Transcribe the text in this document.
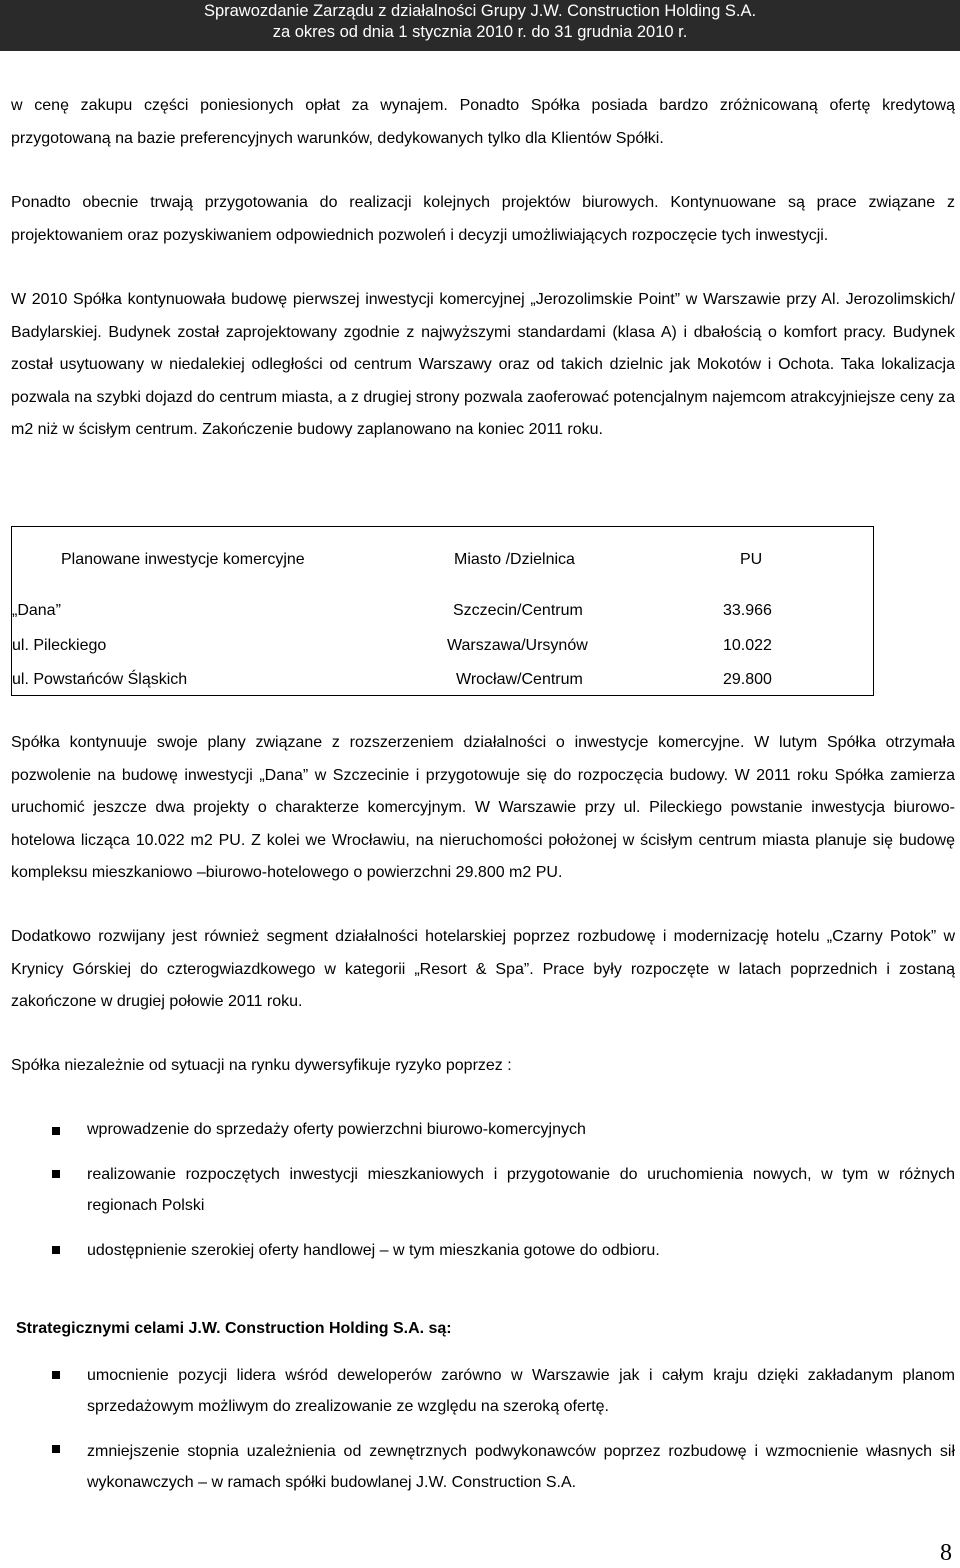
Sprawozdanie Zarządu z działalności Grupy J.W. Construction Holding S.A.
za okres od dnia 1 stycznia 2010 r. do 31 grudnia 2010 r.

w cenę zakupu części poniesionych opłat za wynajem. Ponadto Spółka posiada bardzo zróżnicowaną ofertę kredytową przygotowaną na bazie preferencyjnych warunków, dedykowanych tylko dla Klientów Spółki.

Ponadto obecnie trwają przygotowania do realizacji kolejnych projektów biurowych. Kontynuowane są prace związane z projektowaniem oraz pozyskiwaniem odpowiednich pozwoleń i decyzji umożliwiających rozpoczęcie tych inwestycji.

W 2010 Spółka kontynuowała budowę pierwszej inwestycji komercyjnej „Jerozolimskie Point” w Warszawie przy Al. Jerozolimskich/ Badylarskiej. Budynek został zaprojektowany zgodnie z najwyższymi standardami (klasa A) i dbałością o komfort pracy. Budynek został usytuowany w niedalekiej odległości od centrum Warszawy oraz od takich dzielnic jak Mokotów i Ochota. Taka lokalizacja pozwala na szybki dojazd do centrum miasta, a z drugiej strony pozwala zaoferować potencjalnym najemcom atrakcyjniejsze ceny za m2 niż w ścisłym centrum. Zakończenie budowy zaplanowano na koniec 2011 roku.

Planowane inwestycje komercyjne	Miasto /Dzielnica	PU
„Dana”	Szczecin/Centrum	33.966
ul. Pileckiego	Warszawa/Ursynów	10.022
ul. Powstańców Śląskich	Wrocław/Centrum	29.800

Spółka kontynuuje swoje plany związane z rozszerzeniem działalności o inwestycje komercyjne. W lutym Spółka otrzymała pozwolenie na budowę inwestycji „Dana” w Szczecinie i przygotowuje się do rozpoczęcia budowy. W 2011 roku Spółka zamierza uruchomić jeszcze dwa projekty o charakterze komercyjnym. W Warszawie przy ul. Pileckiego powstanie inwestycja biurowo-hotelowa licząca 10.022 m2 PU. Z kolei we Wrocławiu, na nieruchomości położonej w ścisłym centrum miasta planuje się budowę kompleksu mieszkaniowo –biurowo-hotelowego o powierzchni 29.800 m2 PU.

Dodatkowo rozwijany jest również segment działalności hotelarskiej poprzez rozbudowę i modernizację hotelu „Czarny Potok” w Krynicy Górskiej do czterogwiazdkowego w kategorii „Resort & Spa”. Prace były rozpoczęte w latach poprzednich i zostaną zakończone w drugiej połowie 2011 roku.

Spółka niezależnie od sytuacji na rynku dywersyfikuje ryzyko poprzez :

wprowadzenie do sprzedaży oferty powierzchni biurowo-komercyjnych

realizowanie rozpoczętych inwestycji mieszkaniowych i przygotowanie do uruchomienia nowych, w tym w różnych regionach Polski

udostępnienie szerokiej oferty handlowej – w tym mieszkania gotowe do odbioru.

Strategicznymi celami J.W. Construction Holding S.A. są:

umocnienie pozycji lidera wśród deweloperów zarówno w Warszawie jak i całym kraju dzięki zakładanym planom sprzedażowym możliwym do zrealizowanie ze względu na szeroką ofertę.

zmniejszenie stopnia uzależnienia od zewnętrznych podwykonawców poprzez rozbudowę i wzmocnienie własnych sił wykonawczych – w ramach spółki budowlanej J.W. Construction S.A.

8
